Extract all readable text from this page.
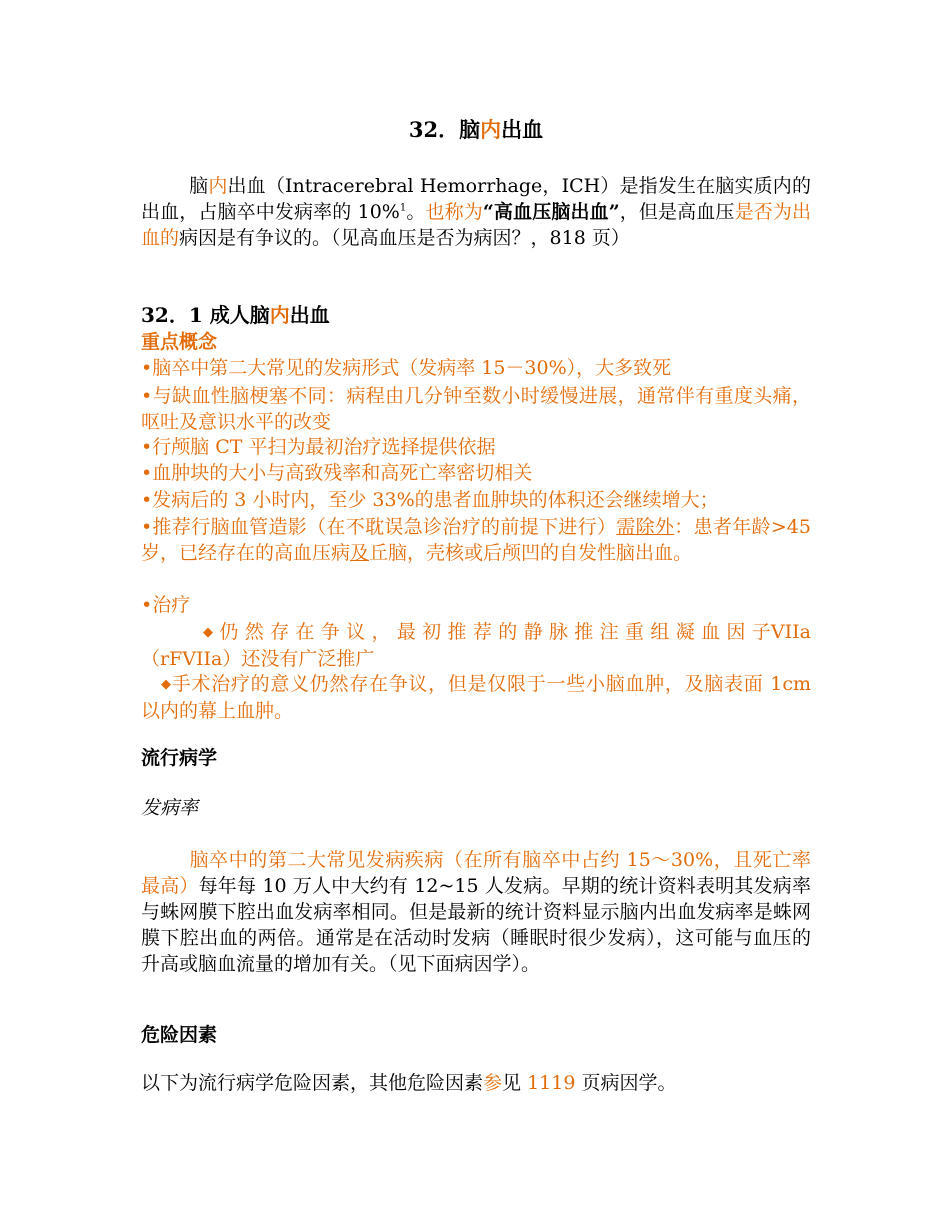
32．脑内出血
脑内出血（Intracerebral Hemorrhage，ICH）是指发生在脑实质内的出血，占脑卒中发病率的 10%$^1$。也称为“高血压脑出血”，但是高血压是否为出血的病因是有争议的。（见高血压是否为病因？，818 页）
32．1 成人脑内出血
重点概念
•脑卒中第二大常见的发病形式（发病率 15－30%），大多致死
•与缺血性脑梗塞不同：病程由几分钟至数小时缓慢进展，通常伴有重度头痛，呕吐及意识水平的改变
•行颅脑 CT 平扫为最初治疗选择提供依据
•血肿块的大小与高致残率和高死亡率密切相关
•发病后的 3 小时内，至少 33%的患者血肿块的体积还会继续增大；
•推荐行脑血管造影（在不耽误急诊治疗的前提下进行）需除外：患者年龄>45 岁，已经存在的高血压病及丘脑，壳核或后颅凹的自发性脑出血。
•治疗
◆ 仍 然 存 在 争 议 ， 最 初 推 荐 的 静 脉 推 注 重 组 凝 血 因 子VIIa（rFVIIa）还没有广泛推广
◆手术治疗的意义仍然存在争议，但是仅限于一些小脑血肿，及脑表面 1cm 以内的幕上血肿。
流行病学
发病率
脑卒中的第二大常见发病疾病（在所有脑卒中占约 15～30%，且死亡率最高）每年每 10 万人中大约有 12~15 人发病。早期的统计资料表明其发病率与蛛网膜下腔出血发病率相同。但是最新的统计资料显示脑内出血发病率是蛛网膜下腔出血的两倍。通常是在活动时发病（睡眠时很少发病），这可能与血压的升高或脑血流量的增加有关。（见下面病因学）。
危险因素
以下为流行病学危险因素，其他危险因素参见 1119 页病因学。
